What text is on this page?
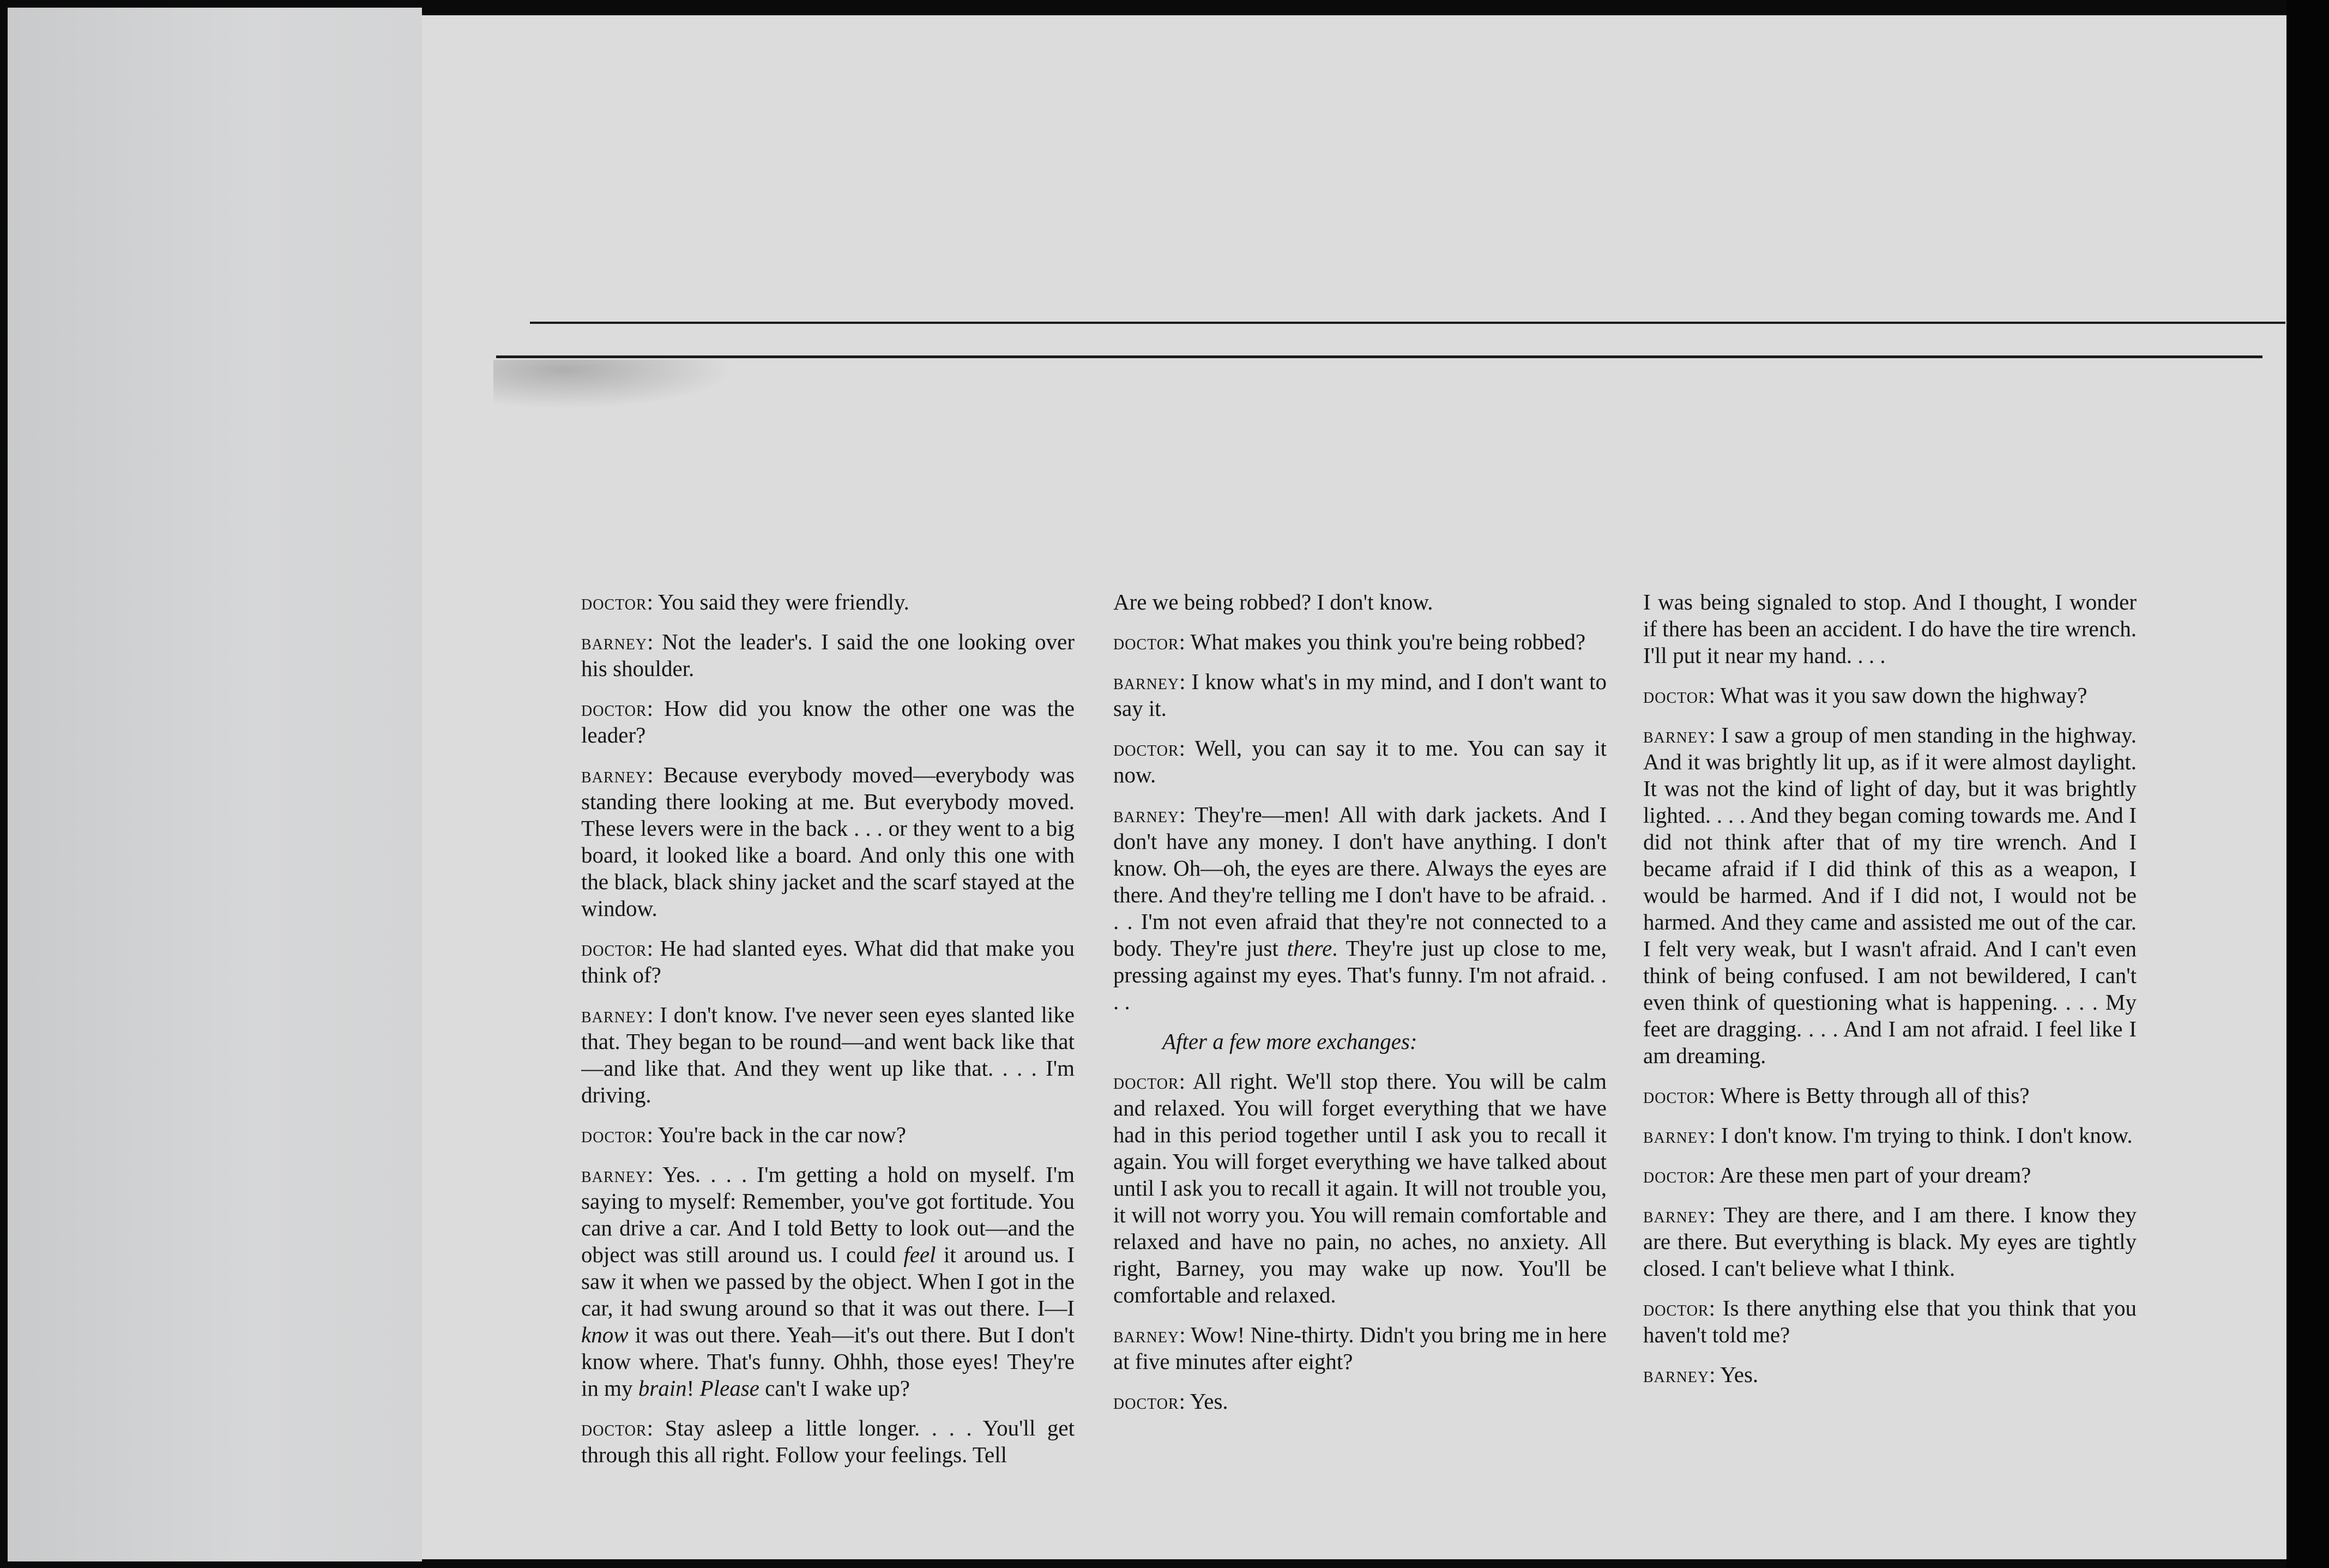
doctor: You said they were friendly.

barney: Not the leader's. I said the one looking over his shoulder.

doctor: How did you know the other one was the leader?

barney: Because everybody moved—everybody was standing there looking at me. But everybody moved. These levers were in the back . . . or they went to a big board, it looked like a board. And only this one with the black, black shiny jacket and the scarf stayed at the window.

doctor: He had slanted eyes. What did that make you think of?

barney: I don't know. I've never seen eyes slanted like that. They began to be round—and went back like that—and like that. And they went up like that. . . . I'm driving.

doctor: You're back in the car now?

barney: Yes. . . . I'm getting a hold on myself. I'm saying to myself: Remember, you've got fortitude. You can drive a car. And I told Betty to look out—and the object was still around us. I could feel it around us. I saw it when we passed by the object. When I got in the car, it had swung around so that it was out there. I—I know it was out there. Yeah—it's out there. But I don't know where. That's funny. Ohhh, those eyes! They're in my brain! Please can't I wake up?

doctor: Stay asleep a little longer. . . . You'll get through this all right. Follow your feelings. Tell

Are we being robbed? I don't know.

doctor: What makes you think you're being robbed?

barney: I know what's in my mind, and I don't want to say it.

doctor: Well, you can say it to me. You can say it now.

barney: They're—men! All with dark jackets. And I don't have any money. I don't have anything. I don't know. Oh—oh, the eyes are there. Always the eyes are there. And they're telling me I don't have to be afraid. . . . I'm not even afraid that they're not connected to a body. They're just there. They're just up close to me, pressing against my eyes. That's funny. I'm not afraid. . . .

After a few more exchanges:

doctor: All right. We'll stop there. You will be calm and relaxed. You will forget everything that we have had in this period together until I ask you to recall it again. You will forget everything we have talked about until I ask you to recall it again. It will not trouble you, it will not worry you. You will remain comfortable and relaxed and have no pain, no aches, no anxiety. All right, Barney, you may wake up now. You'll be comfortable and relaxed.

barney: Wow! Nine-thirty. Didn't you bring me in here at five minutes after eight?

doctor: Yes.

I was being signaled to stop. And I thought, I wonder if there has been an accident. I do have the tire wrench. I'll put it near my hand. . . .

doctor: What was it you saw down the highway?

barney: I saw a group of men standing in the highway. And it was brightly lit up, as if it were almost daylight. It was not the kind of light of day, but it was brightly lighted. . . . And they began coming towards me. And I did not think after that of my tire wrench. And I became afraid if I did think of this as a weapon, I would be harmed. And if I did not, I would not be harmed. And they came and assisted me out of the car. I felt very weak, but I wasn't afraid. And I can't even think of being confused. I am not bewildered, I can't even think of questioning what is happening. . . . My feet are dragging. . . . And I am not afraid. I feel like I am dreaming.

doctor: Where is Betty through all of this?

barney: I don't know. I'm trying to think. I don't know.

doctor: Are these men part of your dream?

barney: They are there, and I am there. I know they are there. But everything is black. My eyes are tightly closed. I can't believe what I think.

doctor: Is there anything else that you think that you haven't told me?

barney: Yes.
